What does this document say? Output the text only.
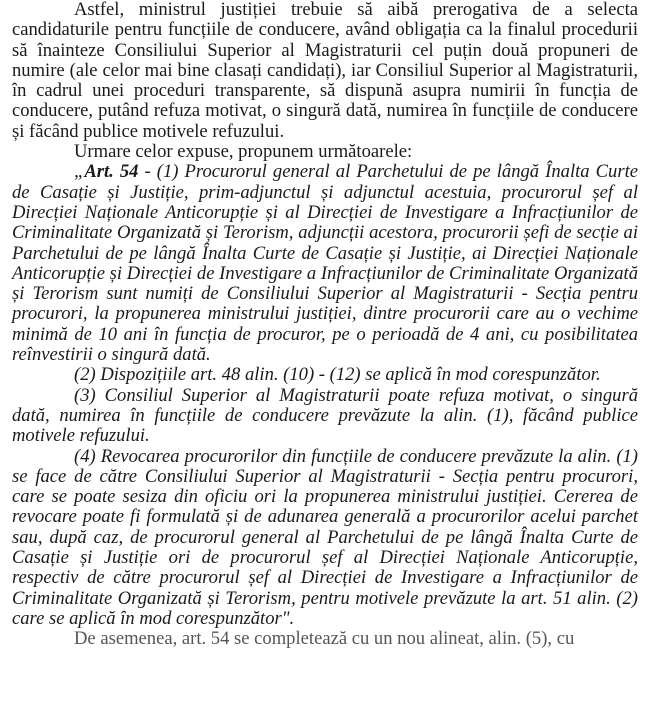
Astfel, ministrul justiției trebuie să aibă prerogativa de a selecta candidaturile pentru funcțiile de conducere, având obligația ca la finalul procedurii să înainteze Consiliului Superior al Magistraturii cel puțin două propuneri de numire (ale celor mai bine clasați candidați), iar Consiliul Superior al Magistraturii, în cadrul unei proceduri transparente, să dispună asupra numirii în funcția de conducere, putând refuza motivat, o singură dată, numirea în funcțiile de conducere și făcând publice motivele refuzului.

Urmare celor expuse, propunem următoarele:

„Art. 54 - (1) Procurorul general al Parchetului de pe lângă Înalta Curte de Casație și Justiție, prim-adjunctul și adjunctul acestuia, procurorul șef al Direcției Naționale Anticorupție și al Direcției de Investigare a Infracțiunilor de Criminalitate Organizată și Terorism, adjuncții acestora, procurorii șefi de secție ai Parchetului de pe lângă Înalta Curte de Casație și Justiție, ai Direcției Naționale Anticorupție și Direcției de Investigare a Infracțiunilor de Criminalitate Organizată și Terorism sunt numiți de Consiliului Superior al Magistraturii - Secția pentru procurori, la propunerea ministrului justiției, dintre procurorii care au o vechime minimă de 10 ani în funcția de procuror, pe o perioadă de 4 ani, cu posibilitatea reînvestirii o singură dată.

(2) Dispozițiile art. 48 alin. (10) - (12) se aplică în mod corespunzător.

(3) Consiliul Superior al Magistraturii poate refuza motivat, o singură dată, numirea în funcțiile de conducere prevăzute la alin. (1), făcând publice motivele refuzului.

(4) Revocarea procurorilor din funcțiile de conducere prevăzute la alin. (1) se face de către Consiliului Superior al Magistraturii - Secția pentru procurori, care se poate sesiza din oficiu ori la propunerea ministrului justiției. Cererea de revocare poate fi formulată și de adunarea generală a procurorilor acelui parchet sau, după caz, de procurorul general al Parchetului de pe lângă Înalta Curte de Casație și Justiție ori de procurorul șef al Direcției Naționale Anticorupție, respectiv de către procurorul șef al Direcției de Investigare a Infracțiunilor de Criminalitate Organizată și Terorism, pentru motivele prevăzute la art. 51 alin. (2) care se aplică în mod corespunzător".

De asemenea, art. 54 se completează cu un nou alineat, alin. (5), cu
